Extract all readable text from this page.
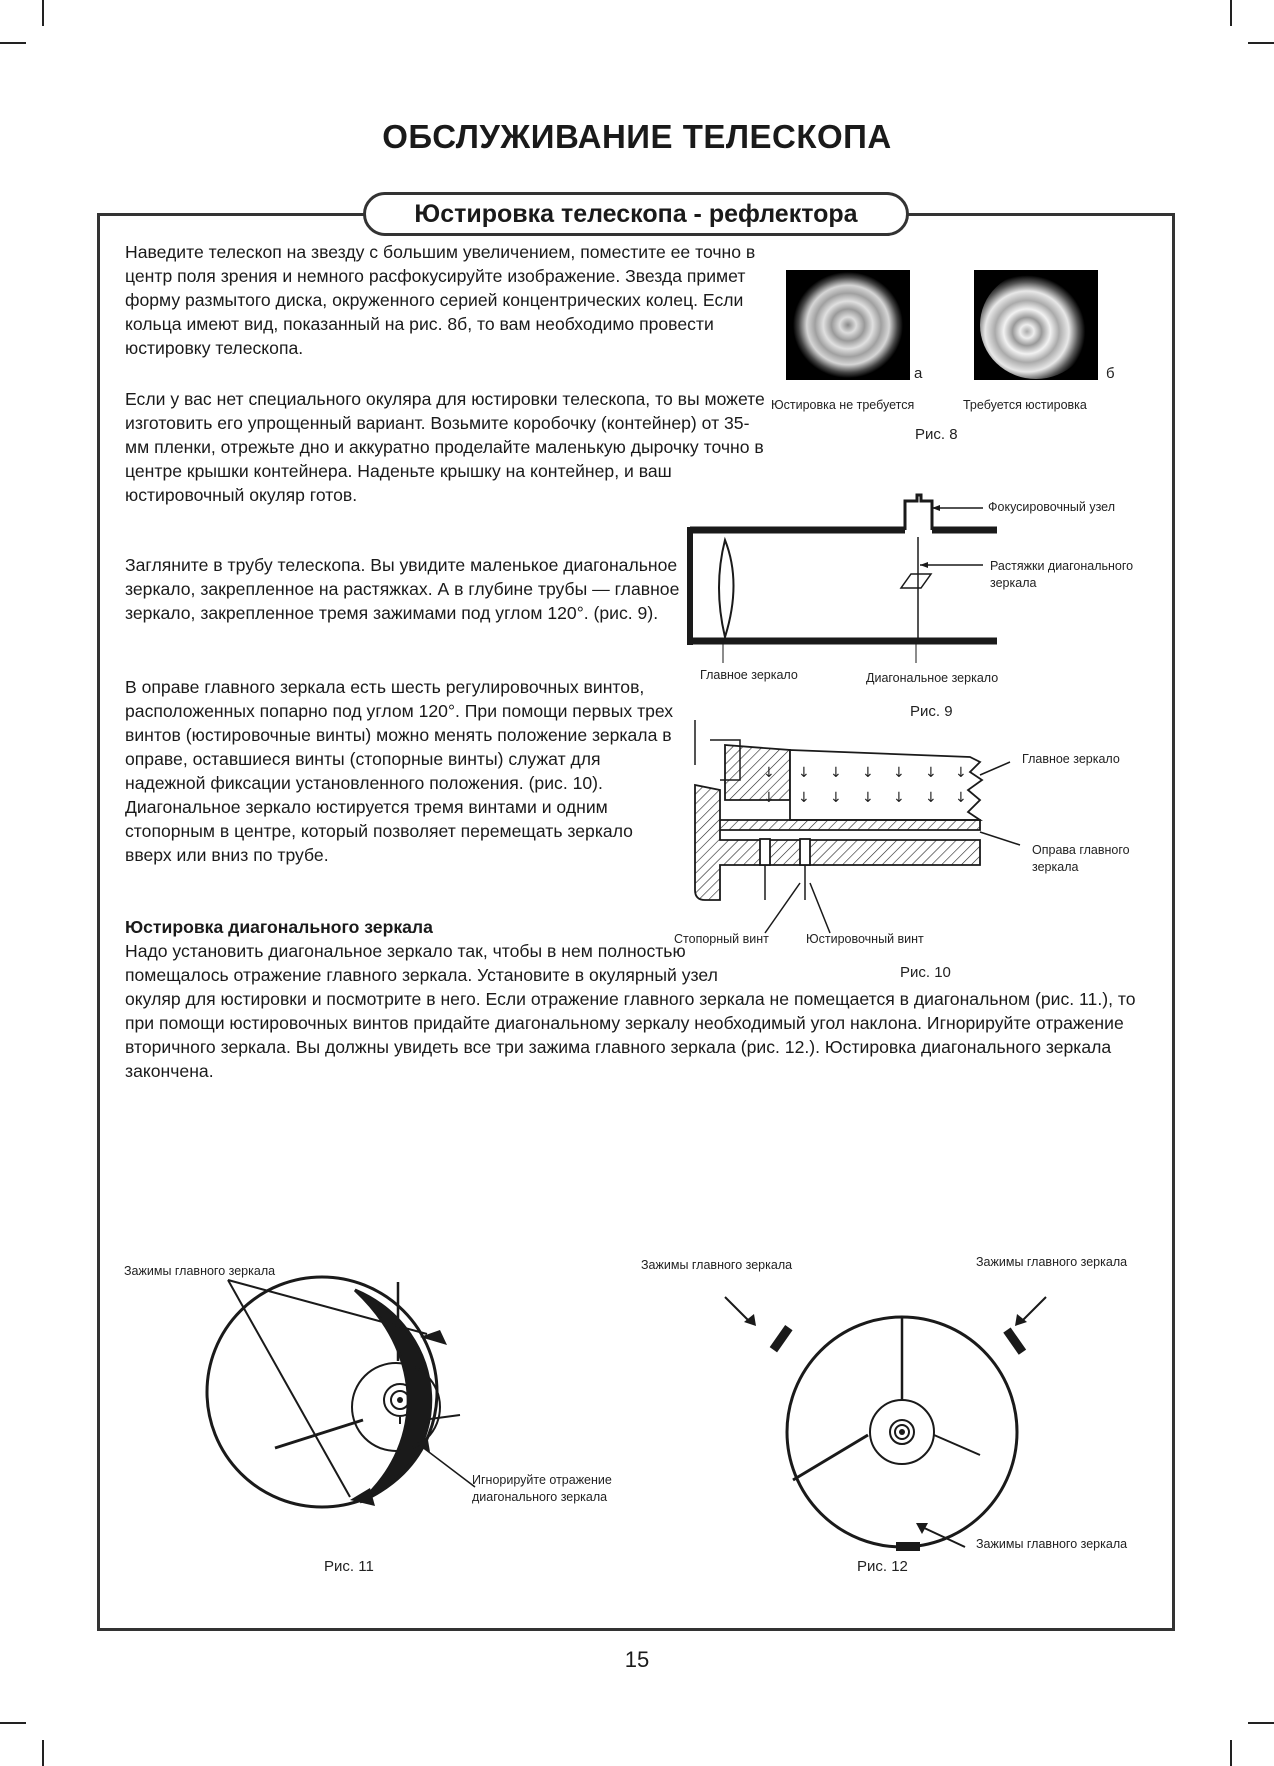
ОБСЛУЖИВАНИЕ ТЕЛЕСКОПА
Юстировка телескопа - рефлектора
Наведите телескоп на звезду с большим увеличением, поместите ее точно в центр поля зрения и немного расфокусируйте изображение. Звезда примет форму размытого диска, окруженного серией концентрических колец. Если кольца имеют вид, показанный на рис. 8б, то вам необходимо провести юстировку телескопа.
Если у вас нет специального окуляра для юстировки телескопа, то вы можете изготовить его упрощенный вариант. Возьмите коробочку (контейнер) от 35-мм пленки, отрежьте дно и аккуратно проделайте маленькую дырочку точно в центре крышки контейнера. Наденьте крышку на контейнер, и ваш юстировочный окуляр готов.
Загляните в трубу телескопа. Вы увидите маленькое диагональное зеркало, закрепленное на растяжках. А в глубине трубы — главное зеркало, закрепленное тремя зажимами под углом 120°. (рис. 9).
В оправе главного зеркала есть шесть регулировочных винтов, расположенных попарно под углом 120°. При помощи первых трех винтов (юстировочные винты) можно менять положение зеркала в оправе, оставшиеся винты (стопорные винты) служат для надежной фиксации установленного положения. (рис. 10). Диагональное зеркало юстируется тремя винтами и одним стопорным в центре, который позволяет перемещать зеркало вверх или вниз по трубе.
Юстировка диагонального зеркала
Надо установить диагональное зеркало так, чтобы в нем полностью помещалось отражение главного зеркала. Установите в окулярный узел окуляр для юстировки и посмотрите в него. Если отражение главного зеркала не помещается в диагональном (рис. 11.), то при помощи юстировочных винтов придайте диагональному зеркалу необходимый угол наклона. Игнорируйте отражение вторичного зеркала. Вы должны увидеть все три зажима главного зеркала (рис. 12.). Юстировка диагонального зеркала закончена.
а	б
Юстировка не требуется	Требуется юстировка
Рис. 8
Фокусировочный узел
Растяжки диагонального зеркала
Главное зеркало	Диагональное зеркало
Рис. 9
↓ ↓ ↓ ↓ ↓ ↓ ↓
↓ ↓ ↓ ↓ ↓ ↓ ↓
Главное зеркало
Оправа главного зеркала
Стопорный винт	Юстировочный винт
Рис. 10
Зажимы главного зеркала
Игнорируйте отражение диагонального зеркала
Рис. 11
Зажимы главного зеркала	Зажимы главного зеркала
Зажимы главного зеркала
Рис. 12
15
